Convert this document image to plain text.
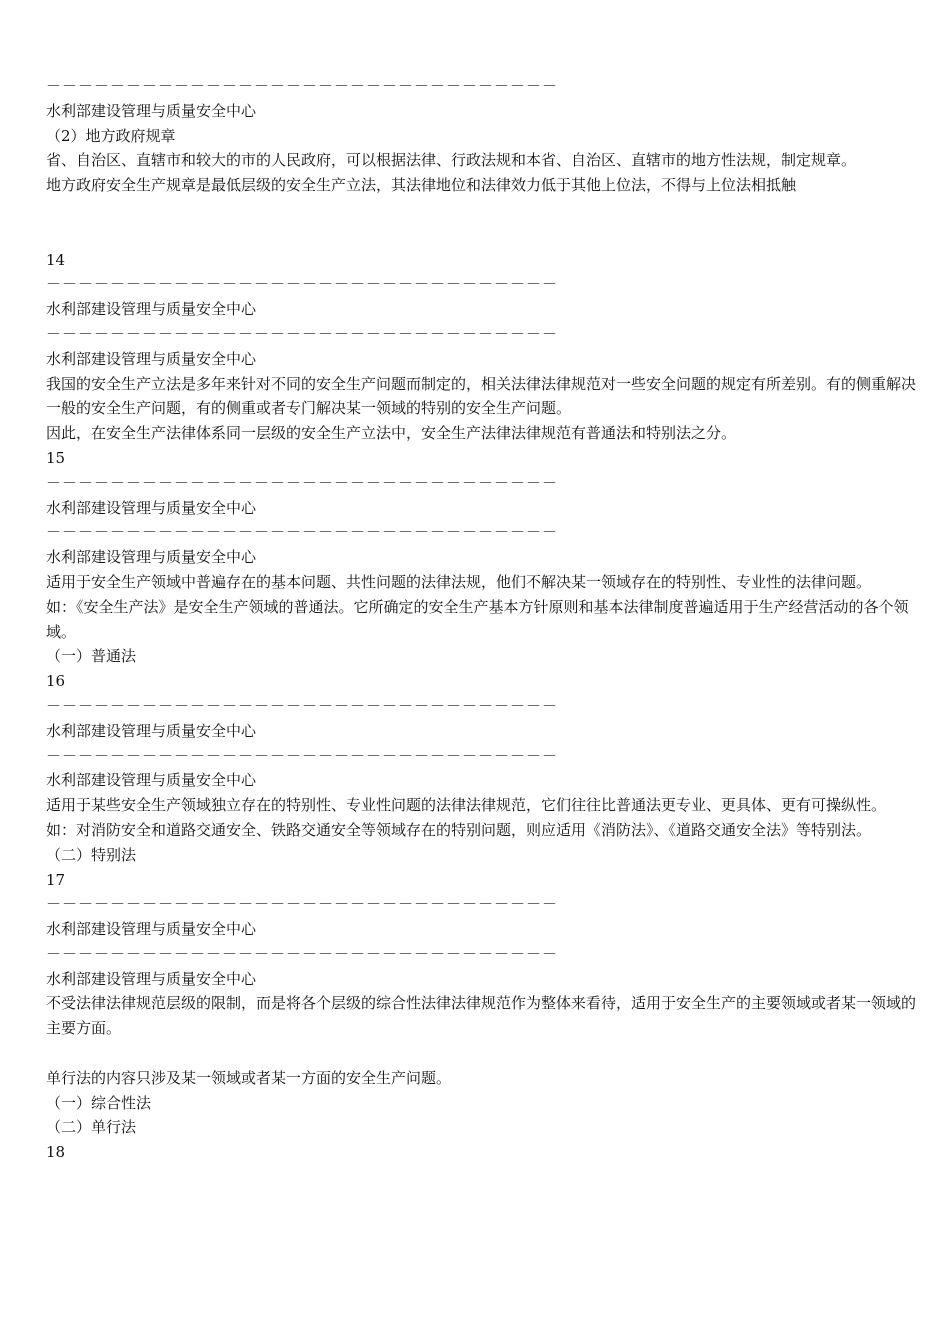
－－－－－－－－－－－－－－－－－－－－－－－－－－－－－－－－
水利部建设管理与质量安全中心
（2）地方政府规章
省、自治区、直辖市和较大的市的人民政府，可以根据法律、行政法规和本省、自治区、直辖市的地方性法规，制定规章。
地方政府安全生产规章是最低层级的安全生产立法，其法律地位和法律效力低于其他上位法，不得与上位法相抵触
14
－－－－－－－－－－－－－－－－－－－－－－－－－－－－－－－－
水利部建设管理与质量安全中心
－－－－－－－－－－－－－－－－－－－－－－－－－－－－－－－－
水利部建设管理与质量安全中心
我国的安全生产立法是多年来针对不同的安全生产问题而制定的，相关法律法律规范对一些安全问题的规定有所差别。有的侧重解决一般的安全生产问题，有的侧重或者专门解决某一领域的特别的安全生产问题。
因此，在安全生产法律体系同一层级的安全生产立法中，安全生产法律法律规范有普通法和特别法之分。
15
－－－－－－－－－－－－－－－－－－－－－－－－－－－－－－－－
水利部建设管理与质量安全中心
－－－－－－－－－－－－－－－－－－－－－－－－－－－－－－－－
水利部建设管理与质量安全中心
适用于安全生产领域中普遍存在的基本问题、共性问题的法律法规，他们不解决某一领域存在的特别性、专业性的法律问题。
如：《安全生产法》是安全生产领域的普通法。它所确定的安全生产基本方针原则和基本法律制度普遍适用于生产经营活动的各个领域。
（一）普通法
16
－－－－－－－－－－－－－－－－－－－－－－－－－－－－－－－－
水利部建设管理与质量安全中心
－－－－－－－－－－－－－－－－－－－－－－－－－－－－－－－－
水利部建设管理与质量安全中心
适用于某些安全生产领域独立存在的特别性、专业性问题的法律法律规范，它们往往比普通法更专业、更具体、更有可操纵性。
如：对消防安全和道路交通安全、铁路交通安全等领域存在的特别问题，则应适用《消防法》、《道路交通安全法》等特别法。
（二）特别法
17
－－－－－－－－－－－－－－－－－－－－－－－－－－－－－－－－
水利部建设管理与质量安全中心
－－－－－－－－－－－－－－－－－－－－－－－－－－－－－－－－
水利部建设管理与质量安全中心
不受法律法律规范层级的限制，而是将各个层级的综合性法律法律规范作为整体来看待，适用于安全生产的主要领域或者某一领域的主要方面。
单行法的内容只涉及某一领域或者某一方面的安全生产问题。
（一）综合性法
（二）单行法
18
